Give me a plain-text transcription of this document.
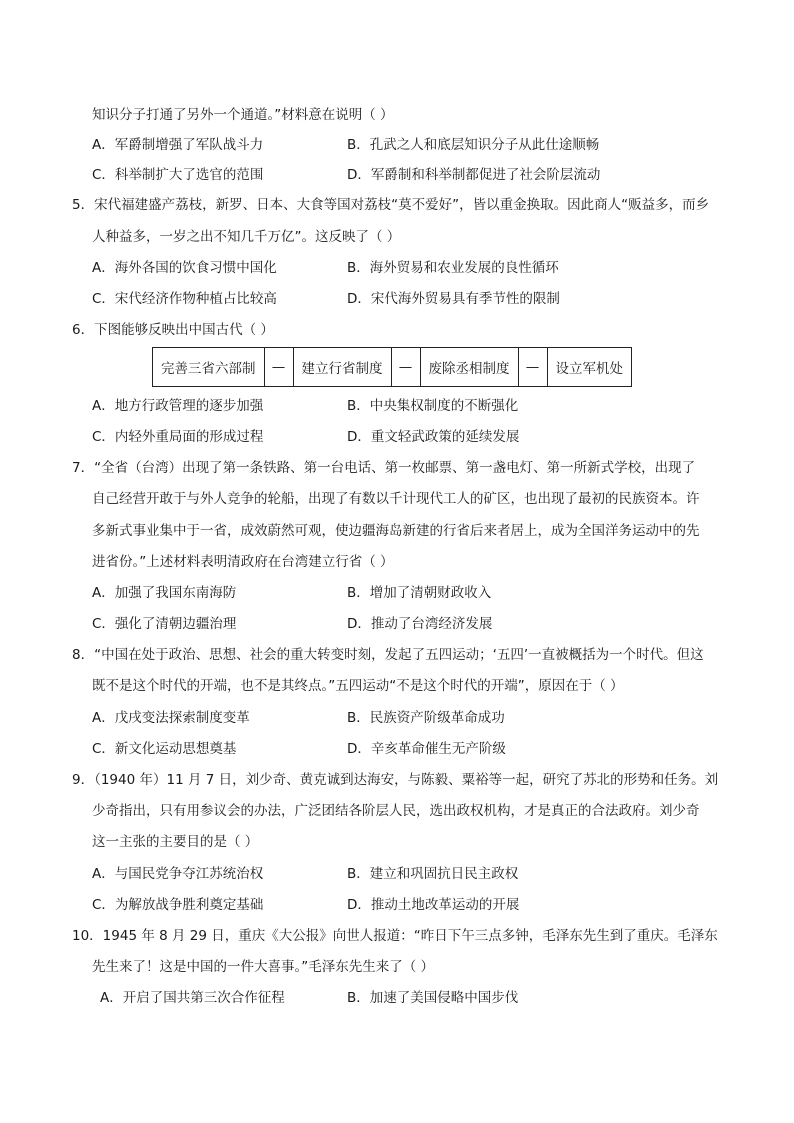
知识分子打通了另外一个通道。”材料意在说明（ ）
A．军爵制增强了军队战斗力	B．孔武之人和底层知识分子从此仕途顺畅
C．科举制扩大了选官的范围	D．军爵制和科举制都促进了社会阶层流动
5．宋代福建盛产荔枝，新罗、日本、大食等国对荔枝“莫不爱好”，皆以重金换取。因此商人“贩益多，而乡
人种益多，一岁之出不知几千万亿”。这反映了（ ）
A．海外各国的饮食习惯中国化	B．海外贸易和农业发展的良性循环
C．宋代经济作物种植占比较高	D．宋代海外贸易具有季节性的限制
6．下图能够反映出中国古代（ ）
完善三省六部制	—	建立行省制度	—	废除丞相制度	—	设立军机处
A．地方行政管理的逐步加强	B．中央集权制度的不断强化
C．内轻外重局面的形成过程	D．重文轻武政策的延续发展
7．“全省（台湾）出现了第一条铁路、第一台电话、第一枚邮票、第一盏电灯、第一所新式学校，出现了
自己经营开敢于与外人竞争的轮船，出现了有数以千计现代工人的矿区，也出现了最初的民族资本。许
多新式事业集中于一省，成效蔚然可观，使边疆海岛新建的行省后来者居上，成为全国洋务运动中的先
进省份。”上述材料表明清政府在台湾建立行省（ ）
A．加强了我国东南海防	B．增加了清朝财政收入
C．强化了清朝边疆治理	D．推动了台湾经济发展
8．“中国在处于政治、思想、社会的重大转变时刻，发起了五四运动；‘五四’一直被概括为一个时代。但这
既不是这个时代的开端，也不是其终点。”五四运动“不是这个时代的开端”，原因在于（ ）
A．戊戌变法探索制度变革	B．民族资产阶级革命成功
C．新文化运动思想奠基	D．辛亥革命催生无产阶级
9．（1940 年）11 月 7 日，刘少奇、黄克诚到达海安，与陈毅、粟裕等一起，研究了苏北的形势和任务。刘
少奇指出，只有用参议会的办法，广泛团结各阶层人民，选出政权机构，才是真正的合法政府。刘少奇
这一主张的主要目的是（ ）
A．与国民党争夺江苏统治权	B．建立和巩固抗日民主政权
C．为解放战争胜利奠定基础	D．推动土地改革运动的开展
10．1945 年 8 月 29 日，重庆《大公报》向世人报道：“昨日下午三点多钟，毛泽东先生到了重庆。毛泽东
先生来了！这是中国的一件大喜事。”毛泽东先生来了（ ）
A．开启了国共第三次合作征程	B．加速了美国侵略中国步伐
